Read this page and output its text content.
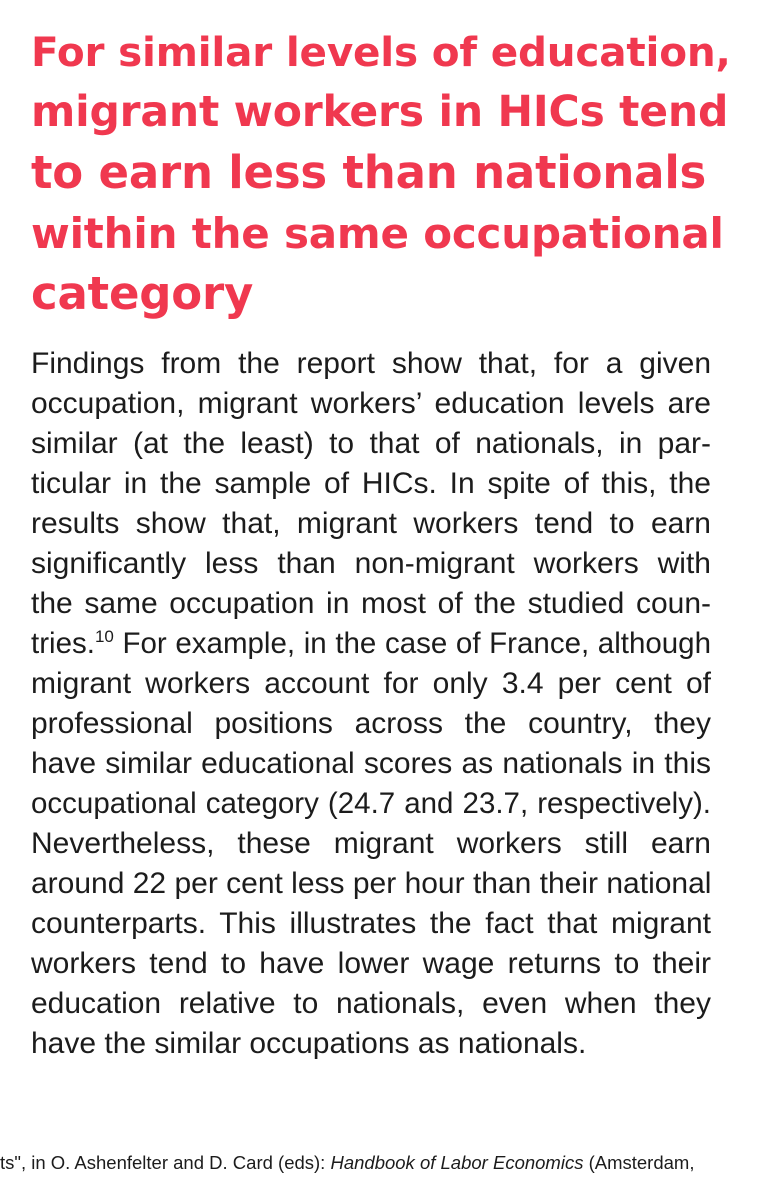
For similar levels of education,
migrant workers in HICs tend
to earn less than nationals
within the same occupational
category
Findings from the report show that, for a given
occupation, migrant workers’ education levels are
similar (at the least) to that of nationals, in par-
ticular in the sample of HICs. In spite of this, the
results show that, migrant workers tend to earn
significantly less than non-migrant workers with
the same occupation in most of the studied coun-
tries.$^{10}$ For example, in the case of France, although
migrant workers account for only 3.4 per cent of
professional positions across the country, they
have similar educational scores as nationals in this
occupational category (24.7 and 23.7, respectively).
Nevertheless, these migrant workers still earn
around 22 per cent less per hour than their national
counterparts. This illustrates the fact that migrant
workers tend to have lower wage returns to their
education relative to nationals, even when they
have the similar occupations as nationals.

ts", in O. Ashenfelter and D. Card (eds): Handbook of Labor Economics (Amsterdam,
